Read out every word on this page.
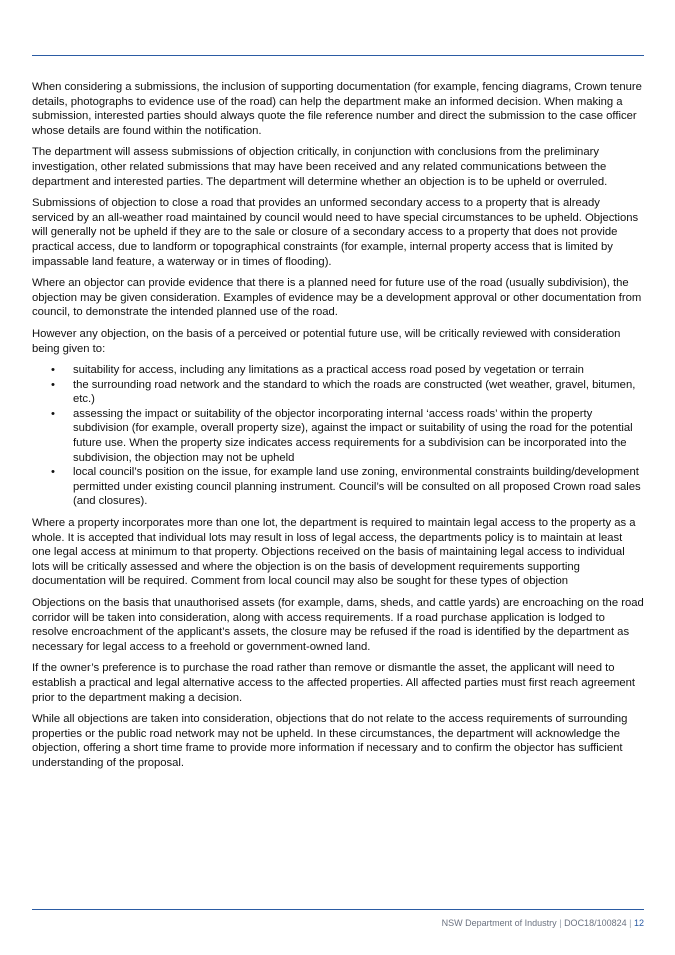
When considering a submissions, the inclusion of supporting documentation (for example, fencing diagrams, Crown tenure details, photographs to evidence use of the road) can help the department make an informed decision. When making a submission, interested parties should always quote the file reference number and direct the submission to the case officer whose details are found within the notification.

The department will assess submissions of objection critically, in conjunction with conclusions from the preliminary investigation, other related submissions that may have been received and any related communications between the department and interested parties. The department will determine whether an objection is to be upheld or overruled.

Submissions of objection to close a road that provides an unformed secondary access to a property that is already serviced by an all-weather road maintained by council would need to have special circumstances to be upheld. Objections will generally not be upheld if they are to the sale or closure of a secondary access to a property that does not provide practical access, due to landform or topographical constraints (for example, internal property access that is limited by impassable land feature, a waterway or in times of flooding).

Where an objector can provide evidence that there is a planned need for future use of the road (usually subdivision), the objection may be given consideration. Examples of evidence may be a development approval or other documentation from council, to demonstrate the intended planned use of the road.

However any objection, on the basis of a perceived or potential future use, will be critically reviewed with consideration being given to:

• suitability for access, including any limitations as a practical access road posed by vegetation or terrain
• the surrounding road network and the standard to which the roads are constructed (wet weather, gravel, bitumen, etc.)
• assessing the impact or suitability of the objector incorporating internal ‘access roads’ within the property subdivision (for example, overall property size), against the impact or suitability of using the road for the potential future use. When the property size indicates access requirements for a subdivision can be incorporated into the subdivision, the objection may not be upheld
• local council’s position on the issue, for example land use zoning, environmental constraints building/development permitted under existing council planning instrument. Council’s will be consulted on all proposed Crown road sales (and closures).

Where a property incorporates more than one lot, the department is required to maintain legal access to the property as a whole. It is accepted that individual lots may result in loss of legal access, the departments policy is to maintain at least one legal access at minimum to that property. Objections received on the basis of maintaining legal access to individual lots will be critically assessed and where the objection is on the basis of development requirements supporting documentation will be required. Comment from local council may also be sought for these types of objection

Objections on the basis that unauthorised assets (for example, dams, sheds, and cattle yards) are encroaching on the road corridor will be taken into consideration, along with access requirements. If a road purchase application is lodged to resolve encroachment of the applicant’s assets, the closure may be refused if the road is identified by the department as necessary for legal access to a freehold or government-owned land.

If the owner’s preference is to purchase the road rather than remove or dismantle the asset, the applicant will need to establish a practical and legal alternative access to the affected properties. All affected parties must first reach agreement prior to the department making a decision.

While all objections are taken into consideration, objections that do not relate to the access requirements of surrounding properties or the public road network may not be upheld. In these circumstances, the department will acknowledge the objection, offering a short time frame to provide more information if necessary and to confirm the objector has sufficient understanding of the proposal.

NSW Department of Industry | DOC18/100824 | 12
